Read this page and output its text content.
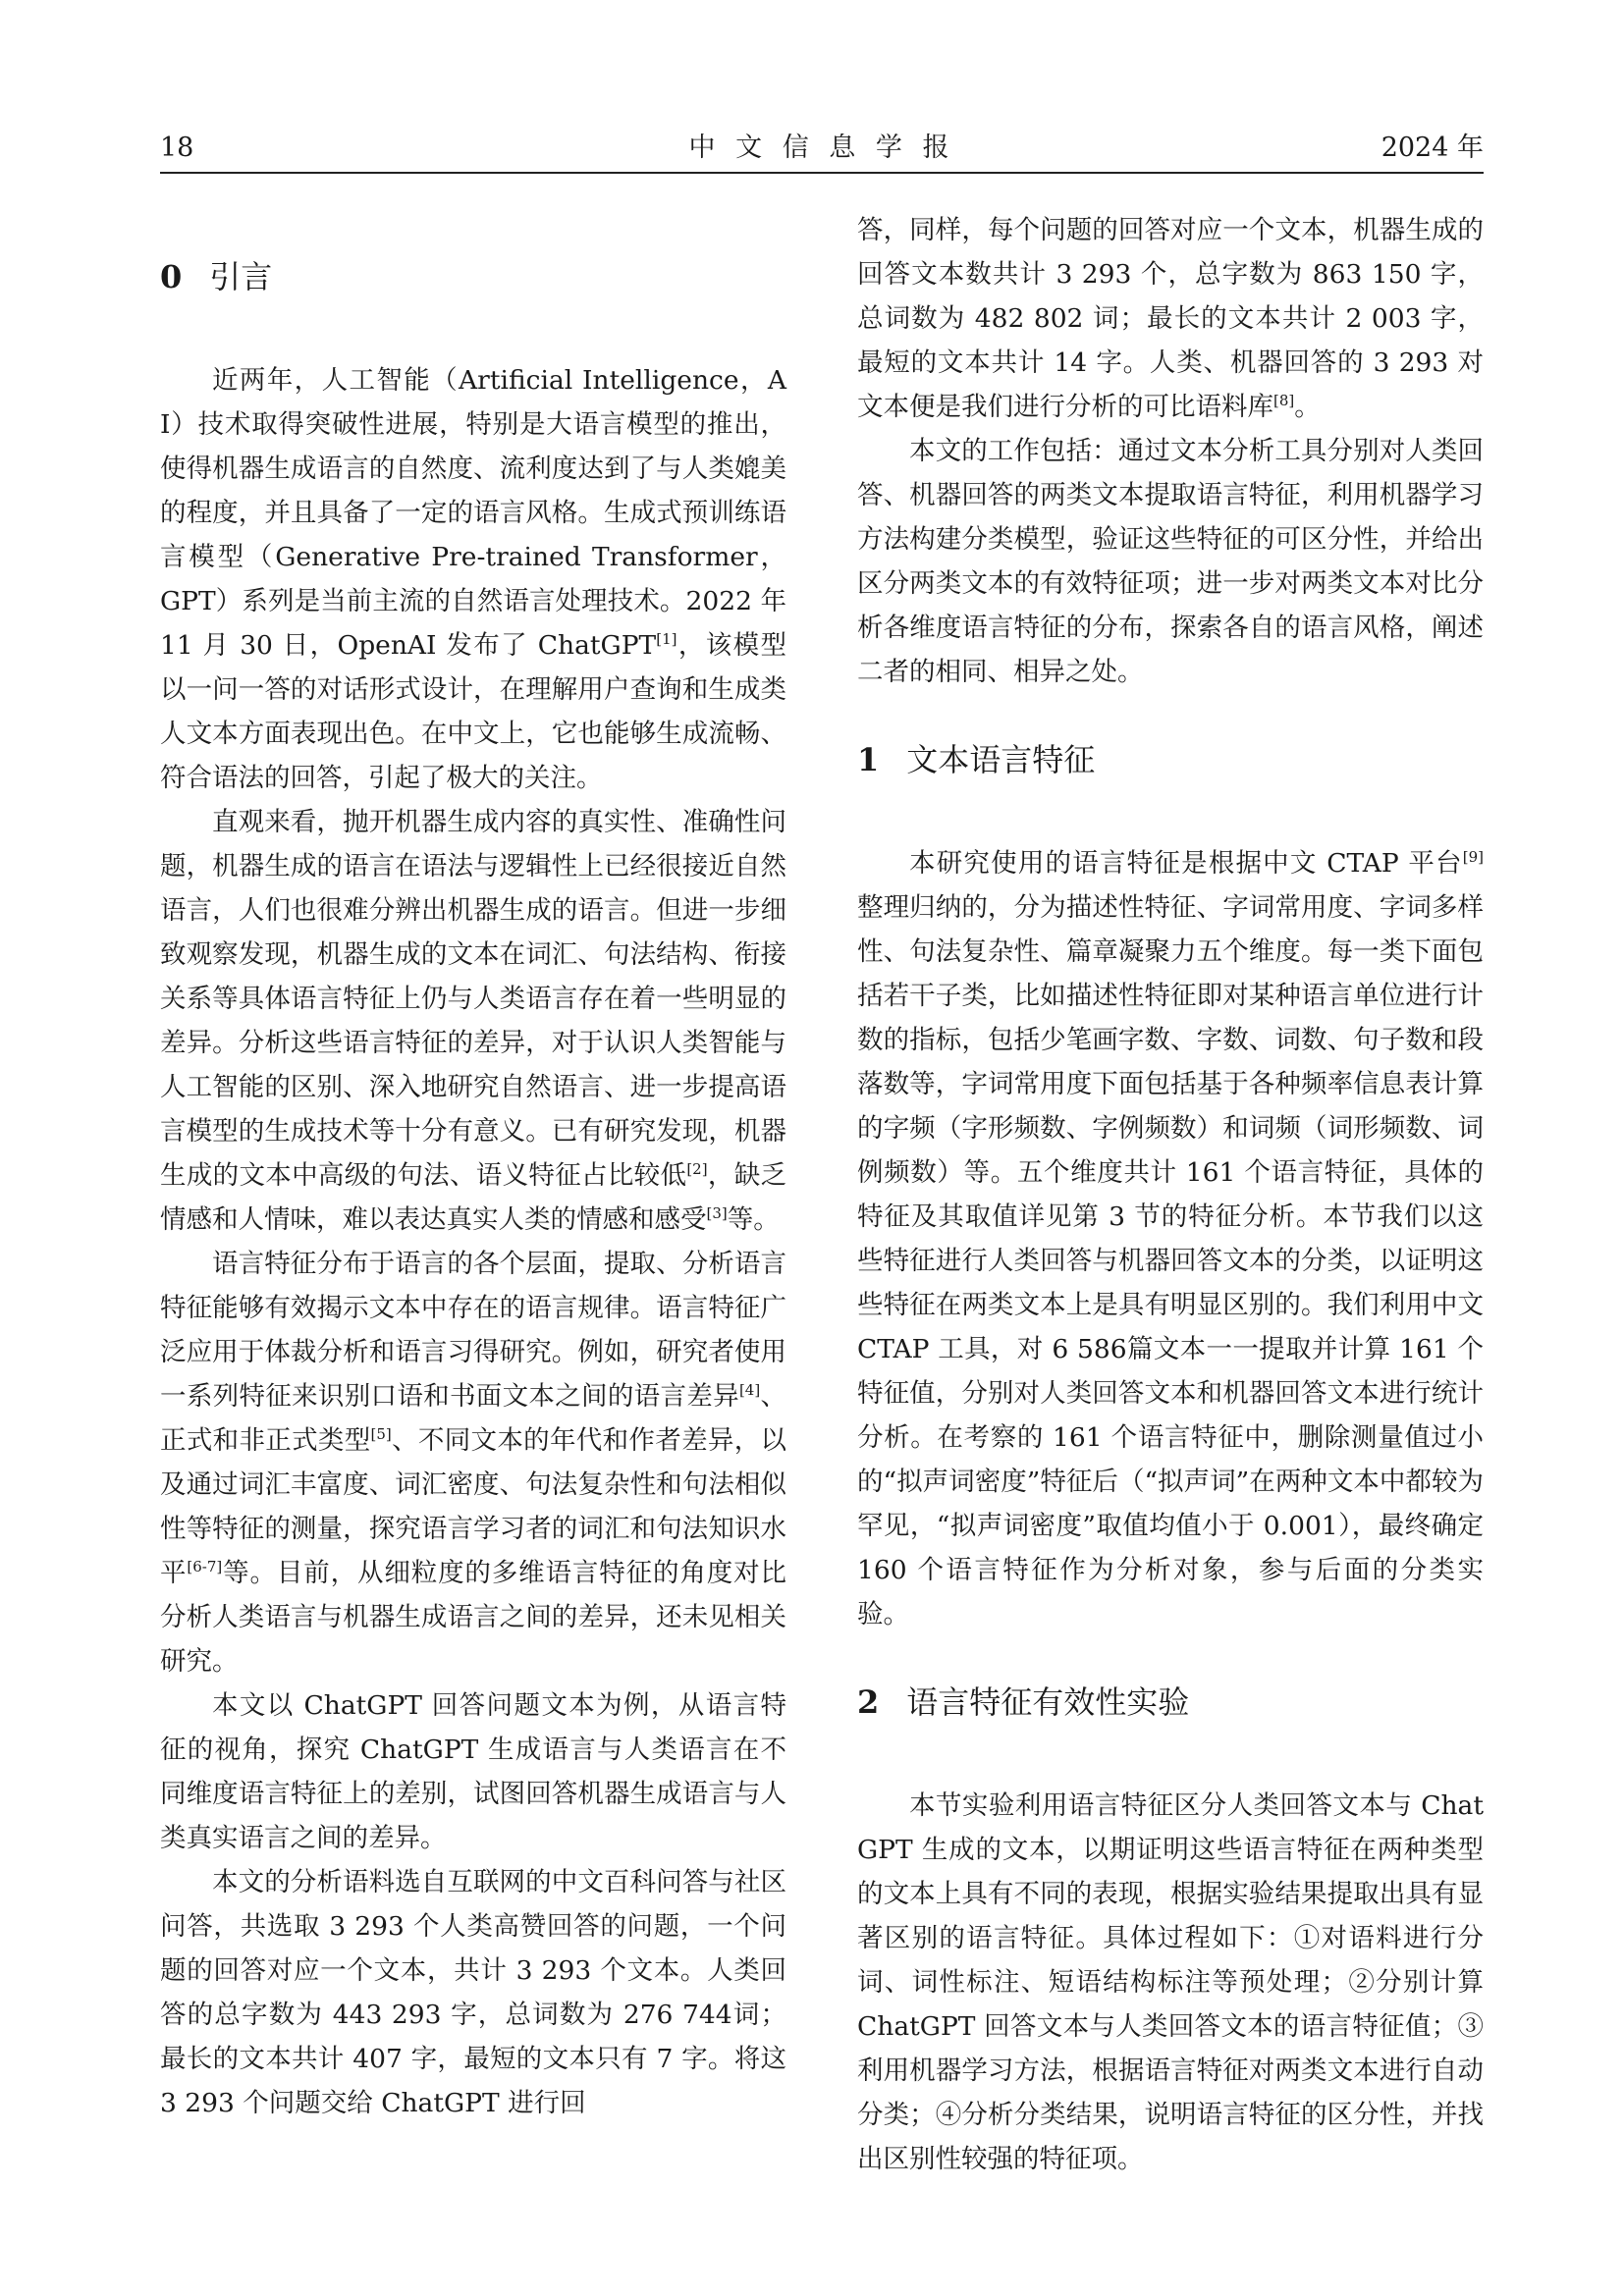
18	中 文 信 息 学 报	2024 年
0 引言

近两年，人工智能（Artificial Intelligence，AI）技术取得突破性进展，特别是大语言模型的推出，使得机器生成语言的自然度、流利度达到了与人类媲美的程度，并且具备了一定的语言风格。生成式预训练语言模型（Generative Pre-trained Transformer，GPT）系列是当前主流的自然语言处理技术。2022 年 11 月 30 日，OpenAI 发布了 ChatGPT[1]，该模型以一问一答的对话形式设计，在理解用户查询和生成类人文本方面表现出色。在中文上，它也能够生成流畅、符合语法的回答，引起了极大的关注。

直观来看，抛开机器生成内容的真实性、准确性问题，机器生成的语言在语法与逻辑性上已经很接近自然语言，人们也很难分辨出机器生成的语言。但进一步细致观察发现，机器生成的文本在词汇、句法结构、衔接关系等具体语言特征上仍与人类语言存在着一些明显的差异。分析这些语言特征的差异，对于认识人类智能与人工智能的区别、深入地研究自然语言、进一步提高语言模型的生成技术等十分有意义。已有研究发现，机器生成的文本中高级的句法、语义特征占比较低[2]，缺乏情感和人情味，难以表达真实人类的情感和感受[3]等。

语言特征分布于语言的各个层面，提取、分析语言特征能够有效揭示文本中存在的语言规律。语言特征广泛应用于体裁分析和语言习得研究。例如，研究者使用一系列特征来识别口语和书面文本之间的语言差异[4]、正式和非正式类型[5]、不同文本的年代和作者差异，以及通过词汇丰富度、词汇密度、句法复杂性和句法相似性等特征的测量，探究语言学习者的词汇和句法知识水平[6-7]等。目前，从细粒度的多维语言特征的角度对比分析人类语言与机器生成语言之间的差异，还未见相关研究。

本文以 ChatGPT 回答问题文本为例，从语言特征的视角，探究 ChatGPT 生成语言与人类语言在不同维度语言特征上的差别，试图回答机器生成语言与人类真实语言之间的差异。

本文的分析语料选自互联网的中文百科问答与社区问答，共选取 3 293 个人类高赞回答的问题，一个问题的回答对应一个文本，共计 3 293 个文本。人类回答的总字数为 443 293 字，总词数为 276 744词；最长的文本共计 407 字，最短的文本只有 7 字。将这 3 293 个问题交给 ChatGPT 进行回

答，同样，每个问题的回答对应一个文本，机器生成的回答文本数共计 3 293 个，总字数为 863 150 字，总词数为 482 802 词；最长的文本共计 2 003 字，最短的文本共计 14 字。人类、机器回答的 3 293 对文本便是我们进行分析的可比语料库[8]。

本文的工作包括：通过文本分析工具分别对人类回答、机器回答的两类文本提取语言特征，利用机器学习方法构建分类模型，验证这些特征的可区分性，并给出区分两类文本的有效特征项；进一步对两类文本对比分析各维度语言特征的分布，探索各自的语言风格，阐述二者的相同、相异之处。

1 文本语言特征

本研究使用的语言特征是根据中文 CTAP 平台[9]整理归纳的，分为描述性特征、字词常用度、字词多样性、句法复杂性、篇章凝聚力五个维度。每一类下面包括若干子类，比如描述性特征即对某种语言单位进行计数的指标，包括少笔画字数、字数、词数、句子数和段落数等，字词常用度下面包括基于各种频率信息表计算的字频（字形频数、字例频数）和词频（词形频数、词例频数）等。五个维度共计 161 个语言特征，具体的特征及其取值详见第 3 节的特征分析。本节我们以这些特征进行人类回答与机器回答文本的分类，以证明这些特征在两类文本上是具有明显区别的。我们利用中文 CTAP 工具，对 6 586篇文本一一提取并计算 161 个特征值，分别对人类回答文本和机器回答文本进行统计分析。在考察的 161 个语言特征中，删除测量值过小的“拟声词密度”特征后（“拟声词”在两种文本中都较为罕见，“拟声词密度”取值均值小于 0.001），最终确定 160 个语言特征作为分析对象，参与后面的分类实验。

2 语言特征有效性实验

本节实验利用语言特征区分人类回答文本与 ChatGPT 生成的文本，以期证明这些语言特征在两种类型的文本上具有不同的表现，根据实验结果提取出具有显著区别的语言特征。具体过程如下：①对语料进行分词、词性标注、短语结构标注等预处理；②分别计算 ChatGPT 回答文本与人类回答文本的语言特征值；③利用机器学习方法，根据语言特征对两类文本进行自动分类；④分析分类结果，说明语言特征的区分性，并找出区别性较强的特征项。
